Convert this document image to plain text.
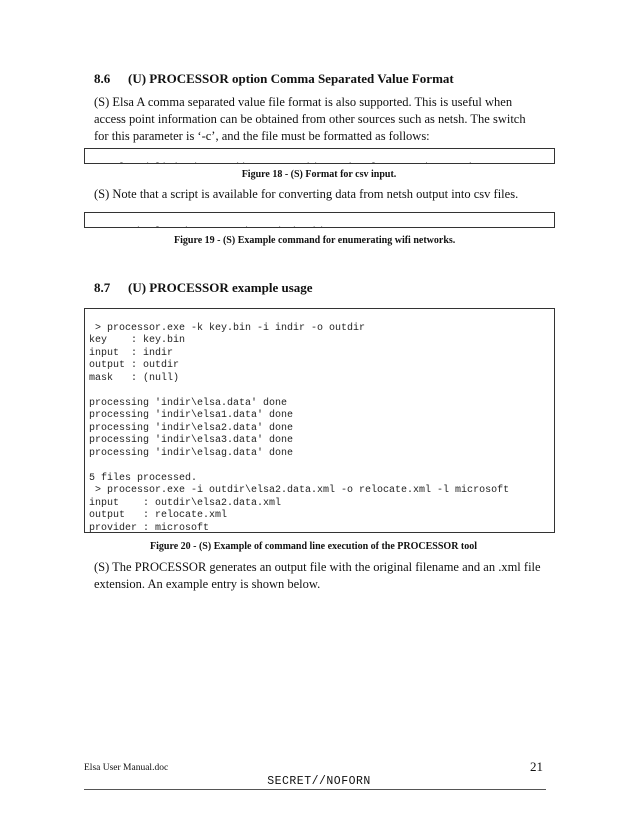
8.6 (U) PROCESSOR option Comma Separated Value Format

(S) Elsa A comma separated value file format is also supported. This is useful when

access point information can be obtained from other sources such as netsh. The switch

for this parameter is ‘-c’, and the file must be formatted as follows:

Figure 18 - (S) Format for csv input.

(S) Note that a script is available for converting data from netsh output into csv files.

Figure 19 - (S) Example command for enumerating wifi networks.
8.7 (U) PROCESSOR example usage

> processor.exe -k key.bin -i indir -o outdir
key    : key.bin
input  : indir
output : outdir
mask   : (null)

processing 'indir\elsa.data' done
processing 'indir\elsa1.data' done
processing 'indir\elsa2.data' done
processing 'indir\elsa3.data' done
processing 'indir\elsag.data' done

5 files processed.
> processor.exe -i outdir\elsa2.data.xml -o relocate.xml -l microsoft
input    : outdir\elsa2.data.xml
output   : relocate.xml
provider : microsoft

Figure 20 - (S) Example of command line execution of the PROCESSOR tool

(S) The PROCESSOR generates an output file with the original filename and an .xml file

extension. An example entry is shown below.

Elsa User Manual.doc	21
SECRET//NOFORN
